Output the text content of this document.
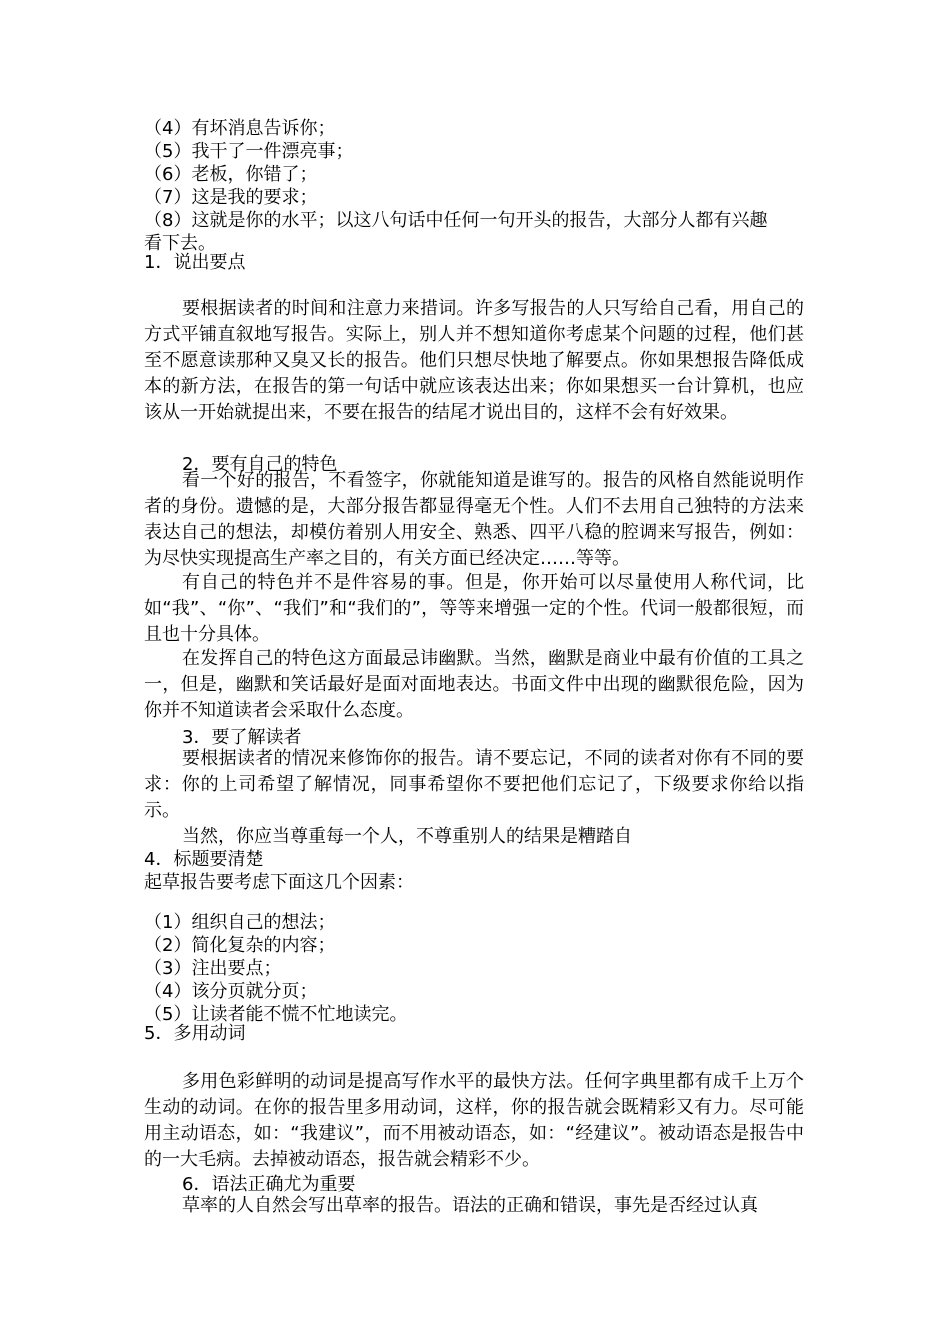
（4）有坏消息告诉你；
（5）我干了一件漂亮事；
（6）老板，你错了；
（7）这是我的要求；
（8）这就是你的水平；以这八句话中任何一句开头的报告，大部分人都有兴趣
看下去。
1．说出要点
要根据读者的时间和注意力来措词。许多写报告的人只写给自己看，用自己的方式平铺直叙地写报告。实际上，别人并不想知道你考虑某个问题的过程，他们甚至不愿意读那种又臭又长的报告。他们只想尽快地了解要点。你如果想报告降低成本的新方法，在报告的第一句话中就应该表达出来；你如果想买一台计算机，也应该从一开始就提出来，不要在报告的结尾才说出目的，这样不会有好效果。
2．要有自己的特色
看一个好的报告，不看签字，你就能知道是谁写的。报告的风格自然能说明作者的身份。遗憾的是，大部分报告都显得毫无个性。人们不去用自己独特的方法来表达自己的想法，却模仿着别人用安全、熟悉、四平八稳的腔调来写报告，例如：为尽快实现提高生产率之目的，有关方面已经决定……等等。
有自己的特色并不是件容易的事。但是，你开始可以尽量使用人称代词，比如“我”、“你”、“我们”和“我们的”，等等来增强一定的个性。代词一般都很短，而且也十分具体。
在发挥自己的特色这方面最忌讳幽默。当然，幽默是商业中最有价值的工具之一，但是，幽默和笑话最好是面对面地表达。书面文件中出现的幽默很危险，因为你并不知道读者会采取什么态度。
3．要了解读者
要根据读者的情况来修饰你的报告。请不要忘记，不同的读者对你有不同的要求：你的上司希望了解情况，同事希望你不要把他们忘记了，下级要求你给以指示。
当然，你应当尊重每一个人，不尊重别人的结果是糟踏自
4．标题要清楚
起草报告要考虑下面这几个因素：
（1）组织自己的想法；
（2）简化复杂的内容；
（3）注出要点；
（4）该分页就分页；
（5）让读者能不慌不忙地读完。
5．多用动词
多用色彩鲜明的动词是提高写作水平的最快方法。任何字典里都有成千上万个生动的动词。在你的报告里多用动词，这样，你的报告就会既精彩又有力。尽可能用主动语态，如：“我建议”，而不用被动语态，如：“经建议”。被动语态是报告中的一大毛病。去掉被动语态，报告就会精彩不少。
6．语法正确尤为重要
草率的人自然会写出草率的报告。语法的正确和错误，事先是否经过认真
